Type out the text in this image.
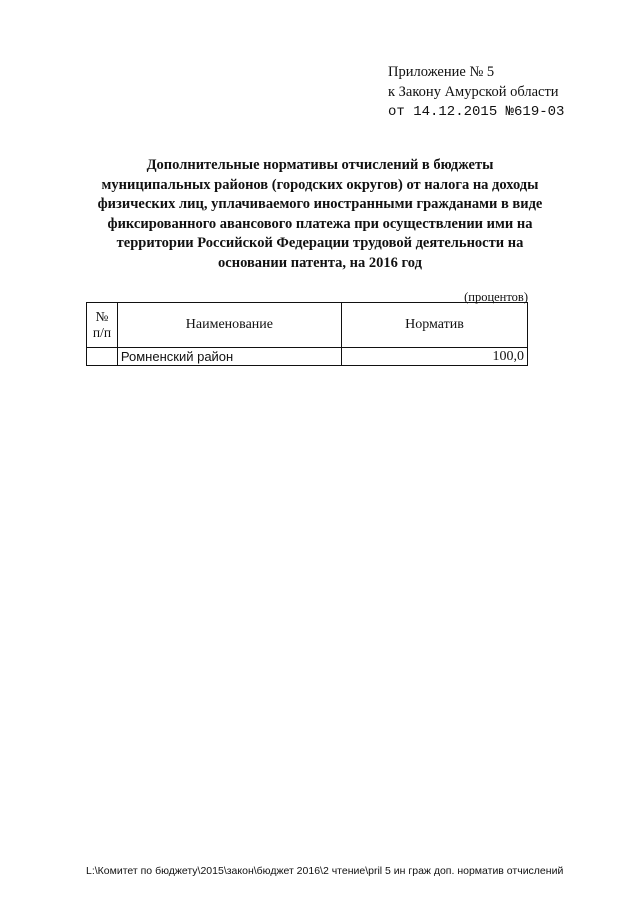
Приложение № 5
к Закону Амурской области
от 14.12.2015 №619-03
Дополнительные нормативы отчислений в бюджеты муниципальных районов (городских округов) от налога на доходы физических лиц, уплачиваемого иностранными гражданами в виде фиксированного авансового платежа при осуществлении ими на территории Российской Федерации трудовой деятельности на основании патента, на 2016 год
(процентов)
№
п/п	Наименование	Норматив
	Ромненский район	100,0
L:\Комитет по бюджету\2015\закон\бюджет 2016\2 чтение\pril 5 ин граж доп. норматив отчислений
